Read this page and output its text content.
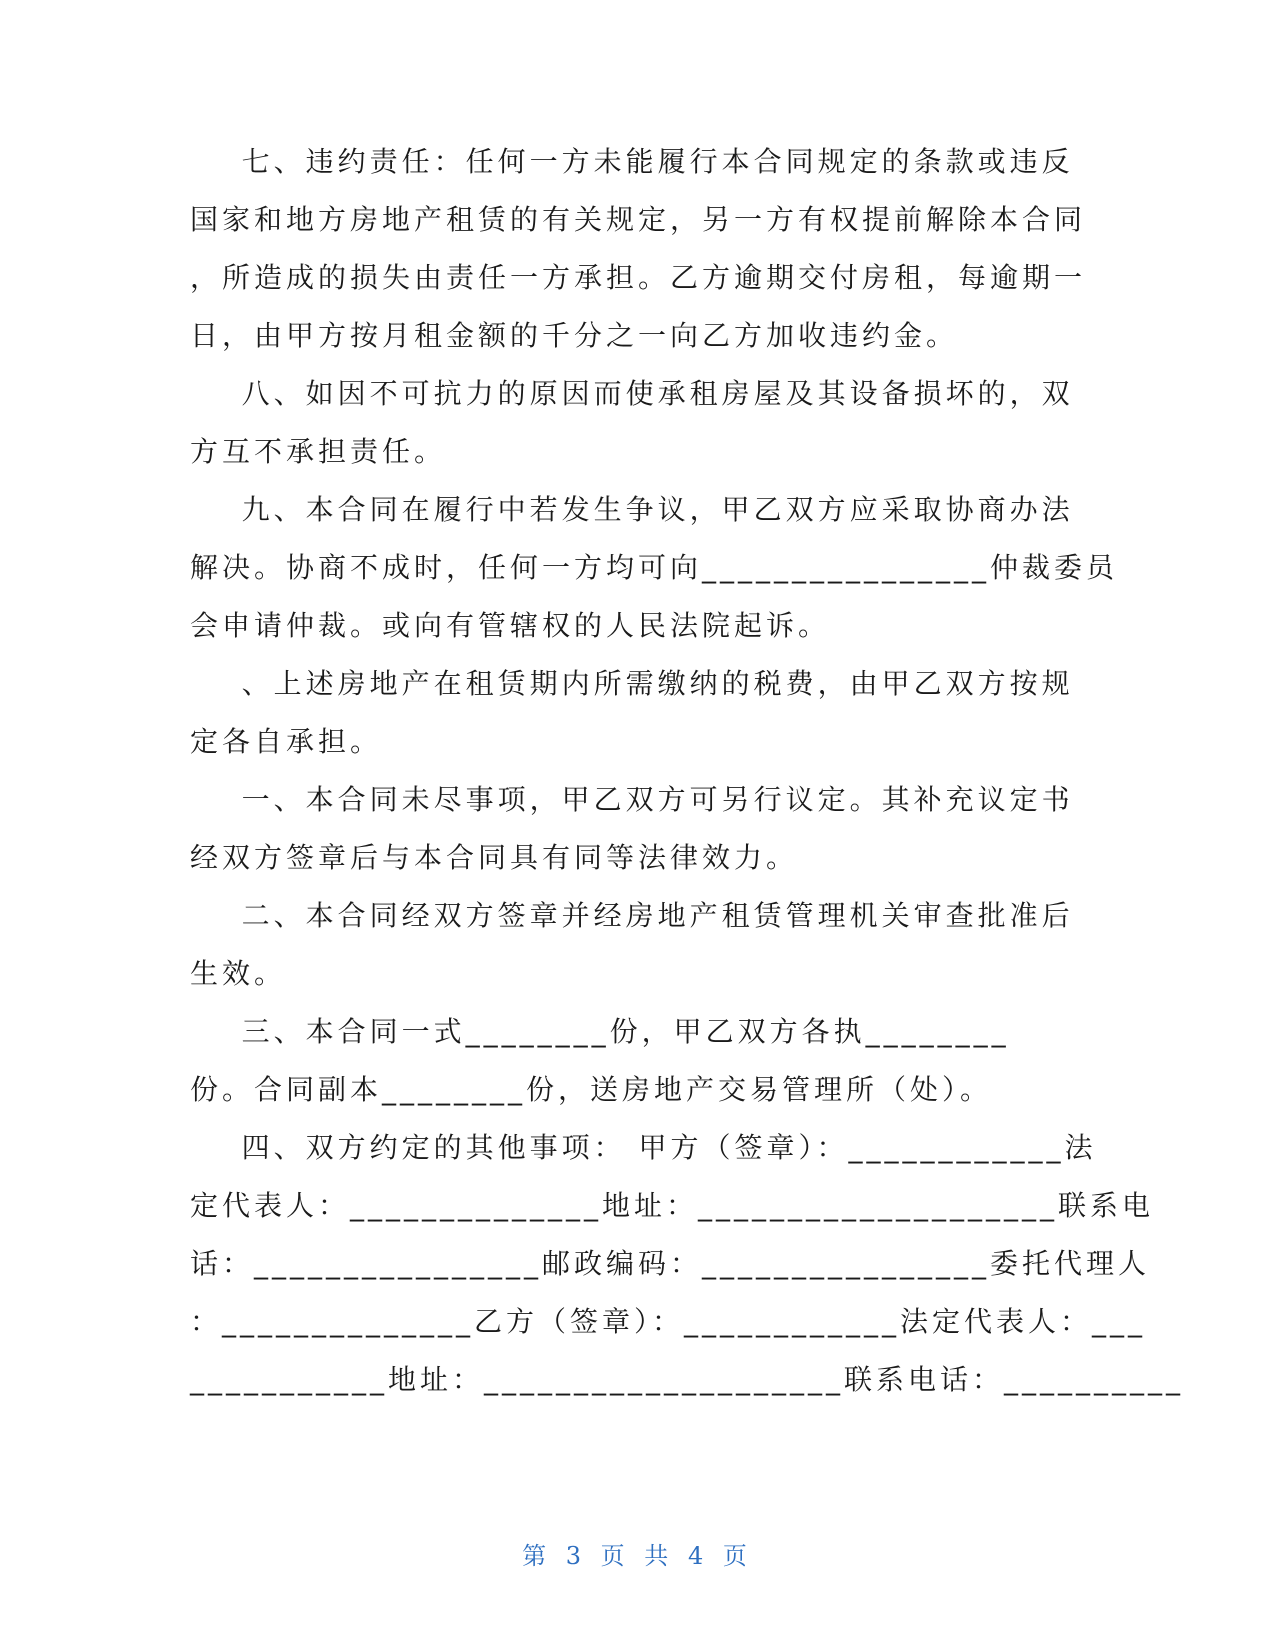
七、违约责任：任何一方未能履行本合同规定的条款或违反
国家和地方房地产租赁的有关规定，另一方有权提前解除本合同
，所造成的损失由责任一方承担。乙方逾期交付房租，每逾期一
日，由甲方按月租金额的千分之一向乙方加收违约金。
八、如因不可抗力的原因而使承租房屋及其设备损坏的，双
方互不承担责任。
九、本合同在履行中若发生争议，甲乙双方应采取协商办法
解决。协商不成时，任何一方均可向________________仲裁委员
会申请仲裁。或向有管辖权的人民法院起诉。
、上述房地产在租赁期内所需缴纳的税费，由甲乙双方按规
定各自承担。
一、本合同未尽事项，甲乙双方可另行议定。其补充议定书
经双方签章后与本合同具有同等法律效力。
二、本合同经双方签章并经房地产租赁管理机关审查批准后
生效。
三、本合同一式________份，甲乙双方各执________
份。合同副本________份，送房地产交易管理所（处）。
四、双方约定的其他事项： 甲方（签章）：____________法
定代表人：______________地址：____________________联系电
话：________________邮政编码：________________委托代理人
：______________乙方（签章）：____________法定代表人：___
___________地址：____________________联系电话：__________
第 3 页 共 4 页
